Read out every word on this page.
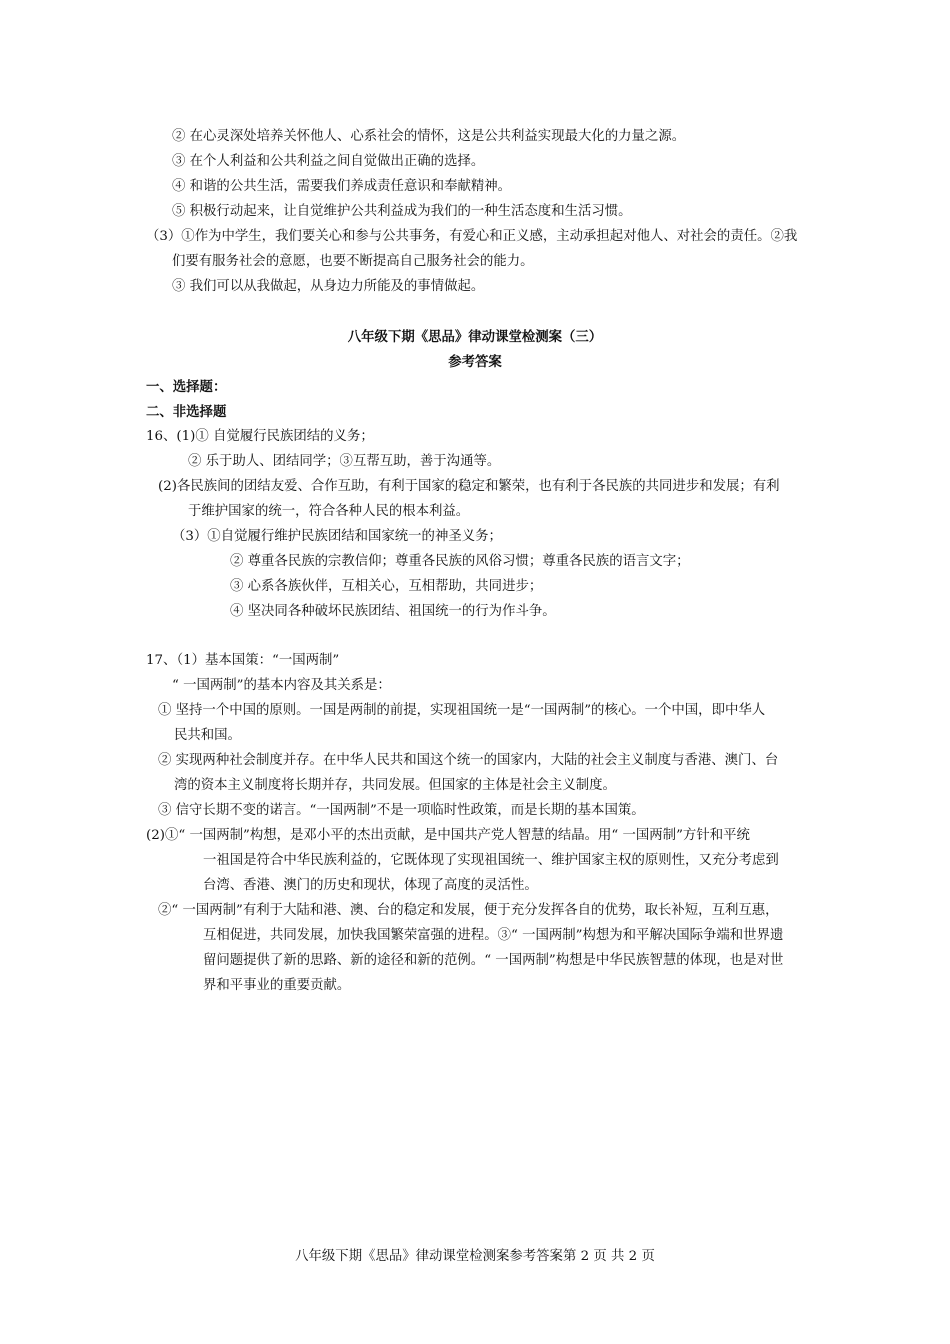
② 在心灵深处培养关怀他人、心系社会的情怀，这是公共利益实现最大化的力量之源。
③ 在个人利益和公共利益之间自觉做出正确的选择。
④ 和谐的公共生活，需要我们养成责任意识和奉献精神。
⑤ 积极行动起来，让自觉维护公共利益成为我们的一种生活态度和生活习惯。
（3）①作为中学生，我们要关心和参与公共事务，有爱心和正义感，主动承担起对他人、对社会的责任。②我
们要有服务社会的意愿，也要不断提高自己服务社会的能力。
③ 我们可以从我做起，从身边力所能及的事情做起。
八年级下期《思品》律动课堂检测案（三）
参考答案
一、选择题：
二、非选择题
16、(1)① 自觉履行民族团结的义务；
② 乐于助人、团结同学；③互帮互助，善于沟通等。
(2)各民族间的团结友爱、合作互助，有利于国家的稳定和繁荣，也有利于各民族的共同进步和发展；有利
于维护国家的统一，符合各种人民的根本利益。
（3）①自觉履行维护民族团结和国家统一的神圣义务；
② 尊重各民族的宗教信仰；尊重各民族的风俗习惯；尊重各民族的语言文字；
③ 心系各族伙伴，互相关心，互相帮助，共同进步；
④ 坚决同各种破坏民族团结、祖国统一的行为作斗争。
17、（1）基本国策：“一国两制”
“ 一国两制”的基本内容及其关系是：
① 坚持一个中国的原则。一国是两制的前提，实现祖国统一是“一国两制”的核心。一个中国，即中华人
民共和国。
② 实现两种社会制度并存。在中华人民共和国这个统一的国家内，大陆的社会主义制度与香港、澳门、台
湾的资本主义制度将长期并存，共同发展。但国家的主体是社会主义制度。
③ 信守长期不变的诺言。“一国两制”不是一项临时性政策，而是长期的基本国策。
(2)①“ 一国两制”构想，是邓小平的杰出贡献，是中国共产党人智慧的结晶。用“ 一国两制”方针和平统
一祖国是符合中华民族利益的，它既体现了实现祖国统一、维护国家主权的原则性，又充分考虑到
台湾、香港、澳门的历史和现状，体现了高度的灵活性。
②“ 一国两制”有利于大陆和港、澳、台的稳定和发展，便于充分发挥各自的优势，取长补短，互利互惠，
互相促进，共同发展，加快我国繁荣富强的进程。③“ 一国两制”构想为和平解决国际争端和世界遗
留问题提供了新的思路、新的途径和新的范例。“ 一国两制”构想是中华民族智慧的体现，也是对世
界和平事业的重要贡献。
八年级下期《思品》律动课堂检测案参考答案第 2 页 共 2 页
